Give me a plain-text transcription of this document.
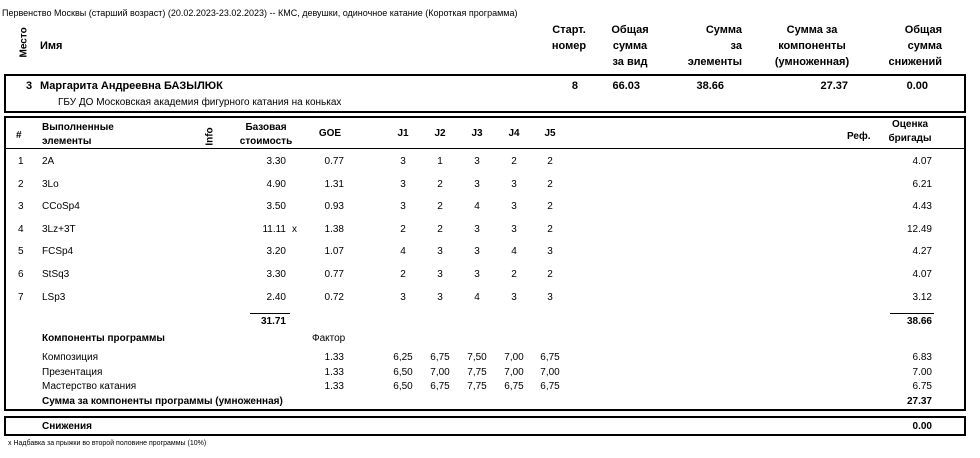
Первенство Москвы (старший возраст) (20.02.2023-23.02.2023) -- КМС, девушки, одиночное катание (Короткая программа)
Место Имя
Старт.
номер
Общая
сумма
за вид
Сумма
за
элементы
Сумма за
компоненты
(умноженная)
Общая
сумма
снижений
3 Маргарита Андреевна БАЗЫЛЮК
ГБУ ДО Московская академия фигурного катания на коньках
8	66.03	38.66	27.37	0.00
#
Выполненные
элементы	Info	Базовая
стоимость
GOE	J1	J2	J3	J4	J5	Реф.
Оценка
бригады
1 2A	3.30	0.77	3	1	3	2	2	4.07
2 3Lo	4.90	1.31	3	2	3	3	2	6.21
3 CCoSp4	3.50	0.93	3	2	4	3	2	4.43
4 3Lz+3T	11.11 x	1.38	2	2	3	3	2	12.49
5 FCSp4	3.20	1.07	4	3	3	4	3	4.27
6 StSq3	3.30	0.77	2	3	3	2	2	4.07
7 LSp3	2.40	0.72	3	3	4	3	3	3.12
31.71	38.66
Компоненты программы	Фактор
Композиция	1.33	6,25	6,75	7,50	7,00	6,75	6.83
Презентация	1.33	6,50	7,00	7,75	7,00	7,00	7.00
Мастерство катания	1.33	6,50	6,75	7,75	6,75	6,75	6.75
Сумма за компоненты программы (умноженная)	27.37
Снижения	0.00
x Надбавка за прыжки во второй половине программы (10%)
